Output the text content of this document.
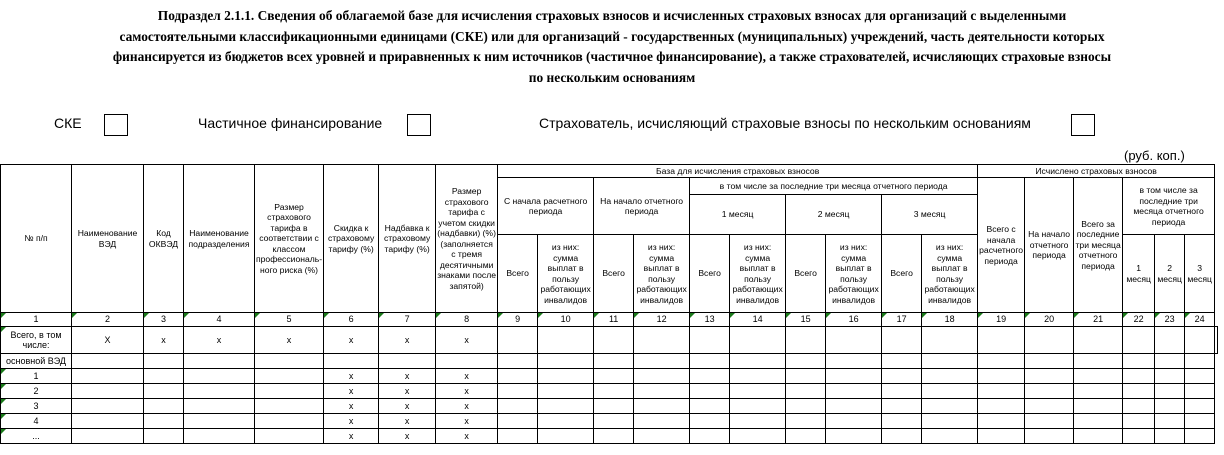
Подраздел 2.1.1. Сведения об облагаемой базе для исчисления страховых взносов и исчисленных страховых взносах для организаций с выделенными
самостоятельными классификационными единицами (СКЕ) или для организаций - государственных (муниципальных) учреждений, часть деятельности которых
финансируется из бюджетов всех уровней и приравненных к ним источников (частичное финансирование), а также страхователей, исчисляющих страховые взносы
по нескольким основаниям
СКЕ	Частичное финансирование	Страхователь, исчисляющий страховые взносы по нескольким основаниям
(руб. коп.)
№ п/п	Наименование ВЭД	Код ОКВЭД	Наименование подразделения	Размер страхового тарифа в соответствии с классом профессиональ-ного риска (%)	Скидка к страховому тарифу (%)	Надбавка к страховому тарифу (%)	Размер страхового тарифа с учетом скидки (надбавки) (%) (заполняется с тремя десятичными знаками после запятой)	База для исчисления страховых взносов										Исчислено страховых взносов						
								С начала расчетного периода		На начало отчетного периода		в том числе за последние три месяца отчетного периода						Всего с начала расчетного периода	На начало отчетного периода	Всего за последние три месяца отчетного периода	в том числе за последние три месяца отчетного периода			
												1 месяц		2 месяц		3 месяц								
								Всего	из них: сумма выплат в пользу работающих инвалидов	Всего	из них: сумма выплат в пользу работающих инвалидов	Всего	из них: сумма выплат в пользу работающих инвалидов	Всего	из них: сумма выплат в пользу работающих инвалидов	Всего	из них: сумма выплат в пользу работающих инвалидов				1 месяц	2 месяц	3 месяц	
1	2	3	4	5	6	7	8	9	10	11	12	13	14	15	16	17	18	19	20	21	22	23	24	
Всего, в том числе:	Х	х	х	х	х	х	х																	
основной ВЭД																								
1					х	х	х																	
2					х	х	х																	
3					х	х	х																	
4					х	х	х																	
...					х	х	х																	
